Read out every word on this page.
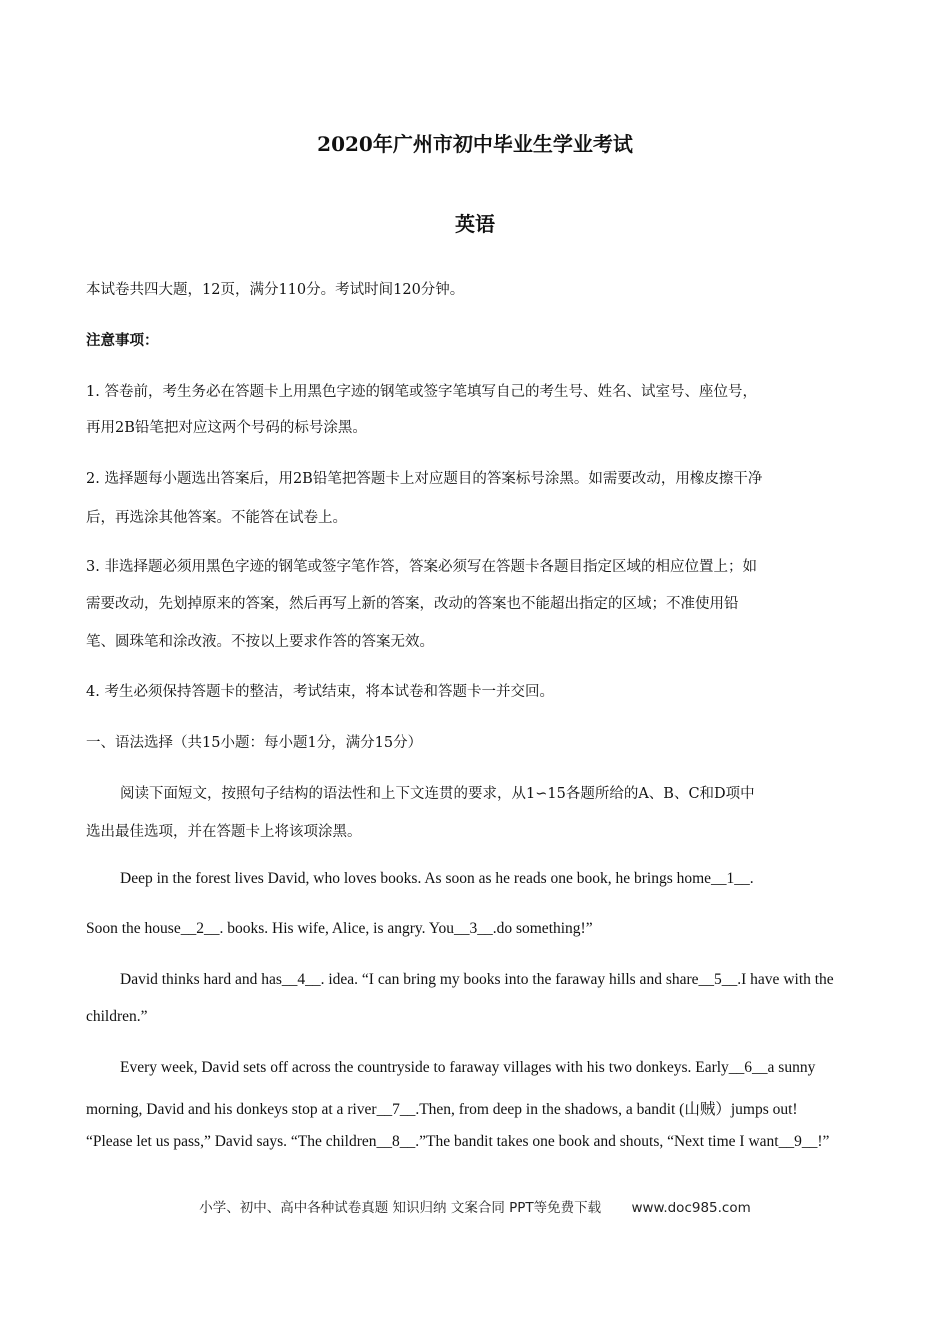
2020年广州市初中毕业生学业考试
英语
本试卷共四大题，12页，满分110分。考试时间120分钟。
注意事项：
1. 答卷前，考生务必在答题卡上用黑色字迹的钢笔或签字笔填写自己的考生号、姓名、试室号、座位号，
再用2B铅笔把对应这两个号码的标号涂黑。
2. 选择题每小题选出答案后，用2B铅笔把答题卡上对应题目的答案标号涂黑。如需要改动，用橡皮擦干净
后，再选涂其他答案。不能答在试卷上。
3. 非选择题必须用黑色字迹的钢笔或签字笔作答，答案必须写在答题卡各题目指定区域的相应位置上；如
需要改动，先划掉原来的答案，然后再写上新的答案，改动的答案也不能超出指定的区域；不准使用铅
笔、圆珠笔和涂改液。不按以上要求作答的答案无效。
4. 考生必须保持答题卡的整洁，考试结束，将本试卷和答题卡一并交回。
一、语法选择（共15小题：每小题1分，满分15分）
阅读下面短文，按照句子结构的语法性和上下文连贯的要求，从1∽15各题所给的A、B、C和D项中
选出最佳选项，并在答题卡上将该项涂黑。
Deep in the forest lives David, who loves books. As soon as he reads one book, he brings home__1__.
Soon the house__2__. books. His wife, Alice, is angry. You__3__.do something!”
David thinks hard and has__4__. idea. “I can bring my books into the faraway hills and share__5__.I have with the
children.”
Every week, David sets off across the countryside to faraway villages with his two donkeys. Early__6__a sunny
morning, David and his donkeys stop at a river__7__.Then, from deep in the shadows, a bandit (山贼）jumps out!
“Please let us pass,” David says. “The children__8__.”The bandit takes one book and shouts, “Next time I want__9__!”
小学、初中、高中各种试卷真题 知识归纳 文案合同 PPT等免费下载 www.doc985.com
